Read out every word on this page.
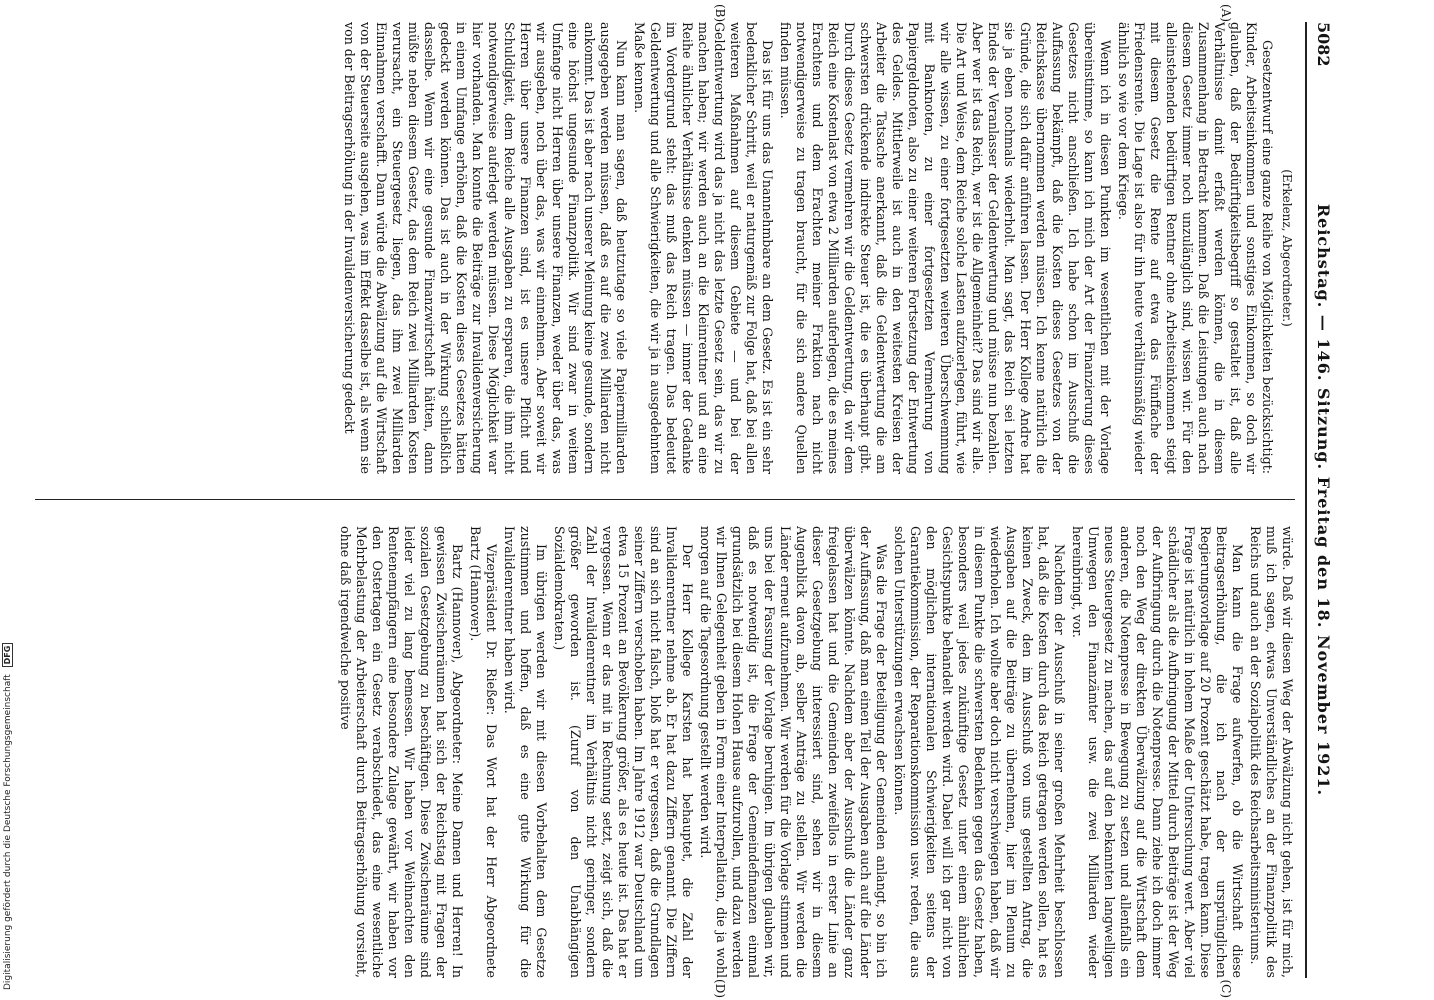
5082
Reichstag. — 146. Sitzung. Freitag den 18. November 1921.
(A)
(B)

(Erkelenz, Abgeordneter.)

Gesetzentwurf eine ganze Reihe von Möglichkeiten bezücksichtigt: Kinder, Arbeitseinkommen und sonstiges Einkommen, so doch wir glauben, daß der Bedürftigkeitsbegriff so gestaltet ist, daß alle Verhältnisse damit erfaßt werden können, die in diesem Zusammenhang in Betracht kommen. Daß die Leistungen auch nach diesem Gesetz immer noch unzulänglich sind, wissen wir. Für den alleinstehenden bedürftigen Rentner ohne Arbeitseinkommen steigt mit diesem Gesetz die Rente auf etwa das Fünffache der Friedensrente. Die Lage ist also für ihn heute verhältnismäßig wieder ähnlich so wie vor dem Kriege.

Wenn ich in diesen Punkten im wesentlichen mit der Vorlage übereinstimme, so kann ich mich der Art der Finanzierung dieses Gesetzes nicht anschließen. Ich habe schon im Ausschuß die Auffassung bekämpft, daß die Kosten dieses Gesetzes von der Reichskasse übernommen werden müssen. Ich kenne natürlich die Gründe, die sich dafür anführen lassen. Der Herr Kollege Andre hat sie ja eben nochmals wiederholt. Man sagt, das Reich sei letzten Endes der Veranlasser der Geldentwertung und müsse nun bezahlen. Aber wer ist das Reich, wer ist die Allgemeinheit? Das sind wir alle. Die Art und Weise, dem Reiche solche Lasten aufzuerlegen, führt, wie wir alle wissen, zu einer fortgesetzten weiteren Überschwemmung mit Banknoten, zu einer fortgesetzten Vermehrung von Papiergeldnoten, also zu einer weiteren Fortsetzung der Entwertung des Geldes. Mittlerweile ist auch in den weitesten Kreisen der Arbeiter die Tatsache anerkannt, daß die Geldentwertung die am schwersten drückende indirekte Steuer ist, die es überhaupt gibt. Durch dieses Gesetz vermehren wir die Geldentwertung, da wir dem Reich eine Kostenlast von etwa 2 Milliarden auferlegen, die es meines Erachtens und dem Erachten meiner Fraktion nach nicht notwendigerweise zu tragen braucht, für die sich andere Quellen finden müssen.

Das ist für uns das Unannehmbare an dem Gesetz. Es ist ein sehr bedenklicher Schritt, weil er naturgemäß zur Folge hat, daß bei allen weiteren Maßnahmen auf diesem Gebiete — und bei der Geldentwertung wird das ja nicht das letzte Gesetz sein, das wir zu machen haben; wir werden auch an die Kleinrentner und an eine Reihe ähnlicher Verhältnisse denken müssen — immer der Gedanke im Vordergrund steht: das muß das Reich tragen. Das bedeutet Geldentwertung und alle Schwierigkeiten, die wir ja in ausgedehntem Maße kennen.

Nun kann man sagen, daß heutzutage so viele Papiermilliarden ausgegeben werden müssen, daß es auf die zwei Milliarden nicht ankommt. Das ist aber nach unserer Meinung keine gesunde, sondern eine höchst ungesunde Finanzpolitik. Wir sind zwar in weitem Umfange nicht Herren über unsere Finanzen, weder über das, was wir ausgeben, noch über das, was wir einnehmen. Aber soweit wir Herren über unsere Finanzen sind, ist es unsere Pflicht und Schuldigkeit, dem Reiche alle Ausgaben zu ersparen, die ihm nicht notwendigerweise auferlegt werden müssen. Diese Möglichkeit war hier vorhanden. Man konnte die Beiträge zur Invalidenversicherung in einem Umfange erhöhen, daß die Kosten dieses Gesetzes hätten gedeckt werden können. Das ist auch in der Wirkung schließlich dasselbe. Wenn wir eine gesunde Finanzwirtschaft hätten, dann müßte neben diesem Gesetz, das dem Reich zwei Milliarden Kosten verursacht, ein Steuergesetz liegen, das ihm zwei Milliarden Einnahmen verschafft. Dann würde die Abwälzung auf die Wirtschaft von der Steuerseite ausgehen, was im Effekt dasselbe ist, als wenn sie von der Beitragserhöhung in der Invalidenversicherung gedeckt

würde. Daß wir diesen Weg der Abwälzung nicht gehen, ist für mich, muß ich sagen, etwas Unverständliches an der Finanzpolitik des Reichs und auch an der Sozialpolitik des Reichsarbeitsministeriums.

Man kann die Frage aufwerfen, ob die Wirtschaft diese Beitragserhöhung, die ich nach der ursprünglichen Regierungsvorlage auf 20 Prozent geschätzt habe, tragen kann. Diese Frage ist natürlich in hohem Maße der Untersuchung wert. Aber viel schädlicher als die Aufbringung der Mittel durch Beiträge ist der Weg der Aufbringung durch die Notenpresse. Dann ziehe ich doch immer noch den Weg der direkten Überwälzung auf die Wirtschaft dem anderen, die Notenpresse in Bewegung zu setzen und allenfalls ein neues Steuergesetz zu machen, das auf den bekannten langwelligen Umwegen den Finanzämter usw. die zwei Milliarden wieder hereinbringt, vor.

Nachdem der Ausschuß in seiner großen Mehrheit beschlossen hat, daß die Kosten durch das Reich getragen werden sollen, hat es keinen Zweck, den im Ausschuß von uns gestellten Antrag, die Ausgaben auf die Beiträge zu übernehmen, hier im Plenum zu wiederholen. Ich wollte aber doch nicht verschwiegen haben, daß wir in diesem Punkte die schwersten Bedenken gegen das Gesetz haben, besonders weil jedes zukünftige Gesetz unter einem ähnlichen Gesichtspunkte behandelt werden wird. Dabei will ich gar nicht von den möglichen internationalen Schwierigkeiten seitens der Garantiekommission, der Reparationskommission usw. reden, die aus solchen Unterstützungen erwachsen können.

Was die Frage der Beteiligung der Gemeinden anlangt, so bin ich der Auffassung, daß man einen Teil der Ausgaben auch auf die Länder überwälzen könnte. Nachdem aber der Ausschuß die Länder ganz freigelassen hat und die Gemeinden zweifellos in erster Linie an dieser Gesetzgebung interessiert sind, sehen wir in diesem Augenblick davon ab, selber Anträge zu stellen. Wir werden die Länder erneut aufzunehmen. Wir werden für die Vorlage stimmen und uns bei der Fassung der Vorlage beruhigen. Im übrigen glauben wir, daß es notwendig ist, die Frage der Gemeindefinanzen einmal grundsätzlich bei diesem Hohen Hause aufzurollen, und dazu werden wir Ihnen Gelegenheit geben in Form einer Interpellation, die ja wohl morgen auf die Tagesordnung gestellt werden wird.

Der Herr Kollege Karsten hat behauptet, die Zahl der Invalidenrentner nehme ab. Er hat dazu Ziffern genannt. Die Ziffern sind an sich nicht falsch, bloß hat er vergessen, daß die Grundlagen seiner Ziffern verschoben haben. Im Jahre 1912 war Deutschland um etwa 15 Prozent an Bevölkerung größer, als es heute ist. Das hat er vergessen. Wenn er das mit in Rechnung setzt, zeigt sich, daß die Zahl der Invalidenrentner im Verhältnis nicht geringer, sondern größer geworden ist. (Zuruf von den Unabhängigen Sozialdemokraten.)

Im übrigen werden wir mit diesen Vorbehalten dem Gesetze zustimmen und hoffen, daß es eine gute Wirkung für die Invalidenrentner haben wird.

Vizepräsident Dr. Rießer: Das Wort hat der Herr Abgeordnete Bartz (Hannover).

Bartz (Hannover), Abgeordneter: Meine Damen und Herren! In gewissen Zwischenräumen hat sich der Reichstag mit Fragen der sozialen Gesetzgebung zu beschäftigen. Diese Zwischenräume sind leider viel zu lang bemessen. Wir haben vor Weihnachten den Rentenempfängern eine besondere Zulage gewährt, wir haben vor den Ostertagen ein Gesetz verabschiedet, das eine wesentliche Mehrbelastung der Arbeiterschaft durch Beitragserhöhung vorsieht, ohne daß irgendwelche positive

(C)
(D)
Digitalisierung gefördert durch die Deutsche Forschungsgemeinschaft DFG
